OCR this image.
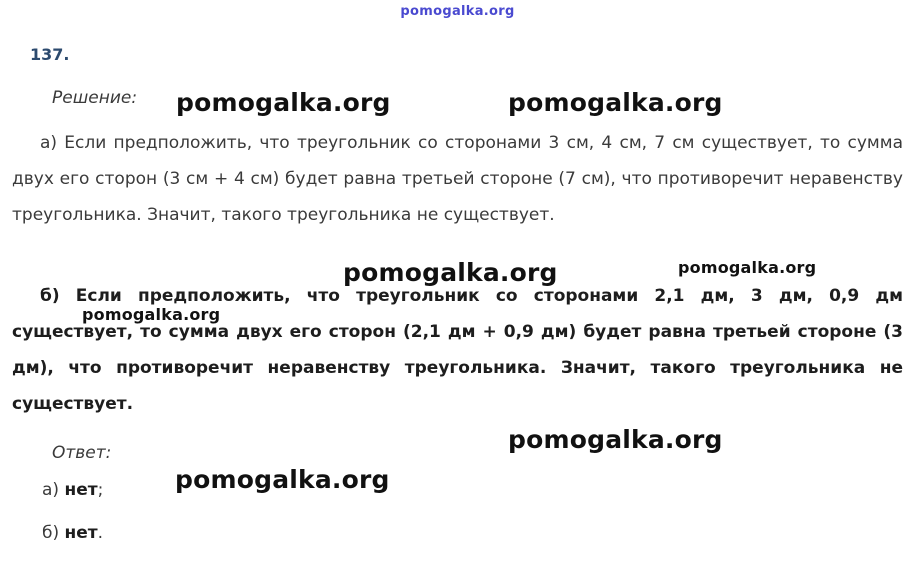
pomogalka.org
137.
Решение:
а) Если предположить, что треугольник со сторонами 3 см, 4 см, 7 см существует, то сумма двух его сторон (3 см + 4 см) будет равна третьей стороне (7 см), что противоречит неравенству треугольника. Значит, такого треугольника не существует.
б) Если предположить, что треугольник со сторонами 2,1 дм, 3 дм, 0,9 дм существует, то сумма двух его сторон (2,1 дм + 0,9 дм) будет равна третьей стороне (3 дм), что противоречит неравенству треугольника. Значит, такого треугольника не существует.
Ответ:
а) нет;
б) нет.
pomogalka.org	pomogalka.org
pomogalka.org	pomogalka.org
pomogalka.org
pomogalka.org
pomogalka.org
